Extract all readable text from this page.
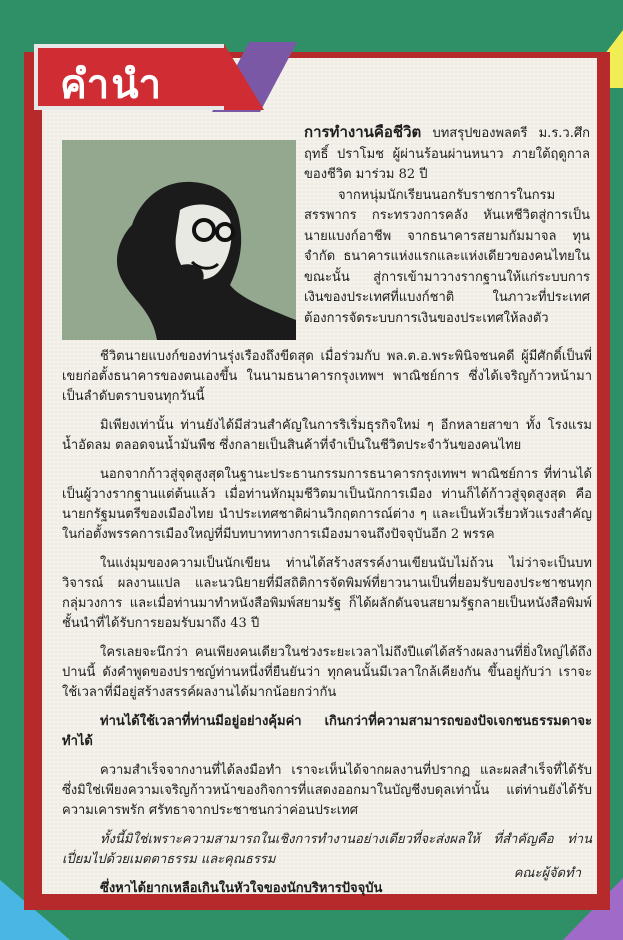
คำนำ

การทำงานคือชีวิต บทสรุปของพลตรี ม.ร.ว.ศึกฤทธิ์ ปราโมช ผู้ผ่านร้อนผ่านหนาว ภายใต้ฤดูกาลของชีวิต มาร่วม 82 ปี

จากหนุ่มนักเรียนนอกรับราชการในกรมสรรพากร กระทรวงการคลัง หันเหชีวิตสู่การเป็นนายแบงก์อาชีพ จากธนาคารสยามกัมมาจล ทุนจำกัด ธนาคารแห่งแรกและแห่งเดียวของคนไทยในขณะนั้น สู่การเข้ามาวางรากฐานให้แก่ระบบการเงินของประเทศที่แบงก์ชาติ ในภาวะที่ประเทศต้องการจัดระบบการเงินของประเทศให้ลงตัว

ชีวิตนายแบงก์ของท่านรุ่งเรืองถึงขีดสุด เมื่อร่วมกับ พล.ต.อ.พระพินิจชนคดี ผู้มีศักดิ์เป็นพี่เขยก่อตั้งธนาคารของตนเองขึ้น ในนามธนาคารกรุงเทพฯ พาณิชย์การ ซึ่งได้เจริญก้าวหน้ามาเป็นลำดับตราบจนทุกวันนี้

มิเพียงเท่านั้น ท่านยังได้มีส่วนสำคัญในการริเริ่มธุรกิจใหม่ ๆ อีกหลายสาขา ทั้ง โรงแรม น้ำอัดลม ตลอดจนน้ำมันพืช ซึ่งกลายเป็นสินค้าที่จำเป็นในชีวิตประจำวันของคนไทย

นอกจากก้าวสู่จุดสูงสุดในฐานะประธานกรรมการธนาคารกรุงเทพฯ พาณิชย์การ ที่ท่านได้เป็นผู้วางรากฐานแต่ต้นแล้ว เมื่อท่านหักมุมชีวิตมาเป็นนักการเมือง ท่านก็ได้ก้าวสู่จุดสูงสุด คือนายกรัฐมนตรีของเมืองไทย นำประเทศชาติผ่านวิกฤตการณ์ต่าง ๆ และเป็นหัวเรี่ยวหัวแรงสำคัญในก่อตั้งพรรคการเมืองใหญ่ที่มีบทบาททางการเมืองมาจนถึงปัจจุบันอีก 2 พรรค

ในแง่มุมของความเป็นนักเขียน ท่านได้สร้างสรรค์งานเขียนนับไม่ถ้วน ไม่ว่าจะเป็นบทวิจารณ์ ผลงานแปล และนวนิยายที่มีสถิติการจัดพิมพ์ที่ยาวนานเป็นที่ยอมรับของประชาชนทุกกลุ่มวงการ และเมื่อท่านมาทำหนังสือพิมพ์สยามรัฐ ก็ได้ผลักดันจนสยามรัฐกลายเป็นหนังสือพิมพ์ชั้นนำที่ได้รับการยอมรับมาถึง 43 ปี

ใครเลยจะนึกว่า คนเพียงคนเดียวในช่วงระยะเวลาไม่ถึงปีแต่ได้สร้างผลงานที่ยิ่งใหญ่ได้ถึงปานนี้ ดังคำพูดของปราชญ์ท่านหนึ่งที่ยืนยันว่า ทุกคนนั้นมีเวลาใกล้เคียงกัน ขึ้นอยู่กับว่า เราจะใช้เวลาที่มีอยู่สร้างสรรค์ผลงานได้มากน้อยกว่ากัน

ท่านได้ใช้เวลาที่ท่านมีอยู่อย่างคุ้มค่า เกินกว่าที่ความสามารถของปัจเจกชนธรรมดาจะทำได้

ความสำเร็จจากงานที่ได้ลงมือทำ เราจะเห็นได้จากผลงานที่ปรากฏ และผลสำเร็จที่ได้รับซึ่งมิใช่เพียงความเจริญก้าวหน้าของกิจการที่แสดงออกมาในบัญชีงบดุลเท่านั้น แต่ท่านยังได้รับความเคารพรัก ศรัทธาจากประชาชนกว่าค่อนประเทศ

ทั้งนี้มิใช่เพราะความสามารถในเชิงการทำงานอย่างเดียวที่จะส่งผลให้ ที่สำคัญคือ ท่านเปี่ยมไปด้วยเมตตาธรรม และคุณธรรม

ซึ่งหาได้ยากเหลือเกินในหัวใจของนักบริหารปัจจุบัน

คณะผู้จัดทำ
